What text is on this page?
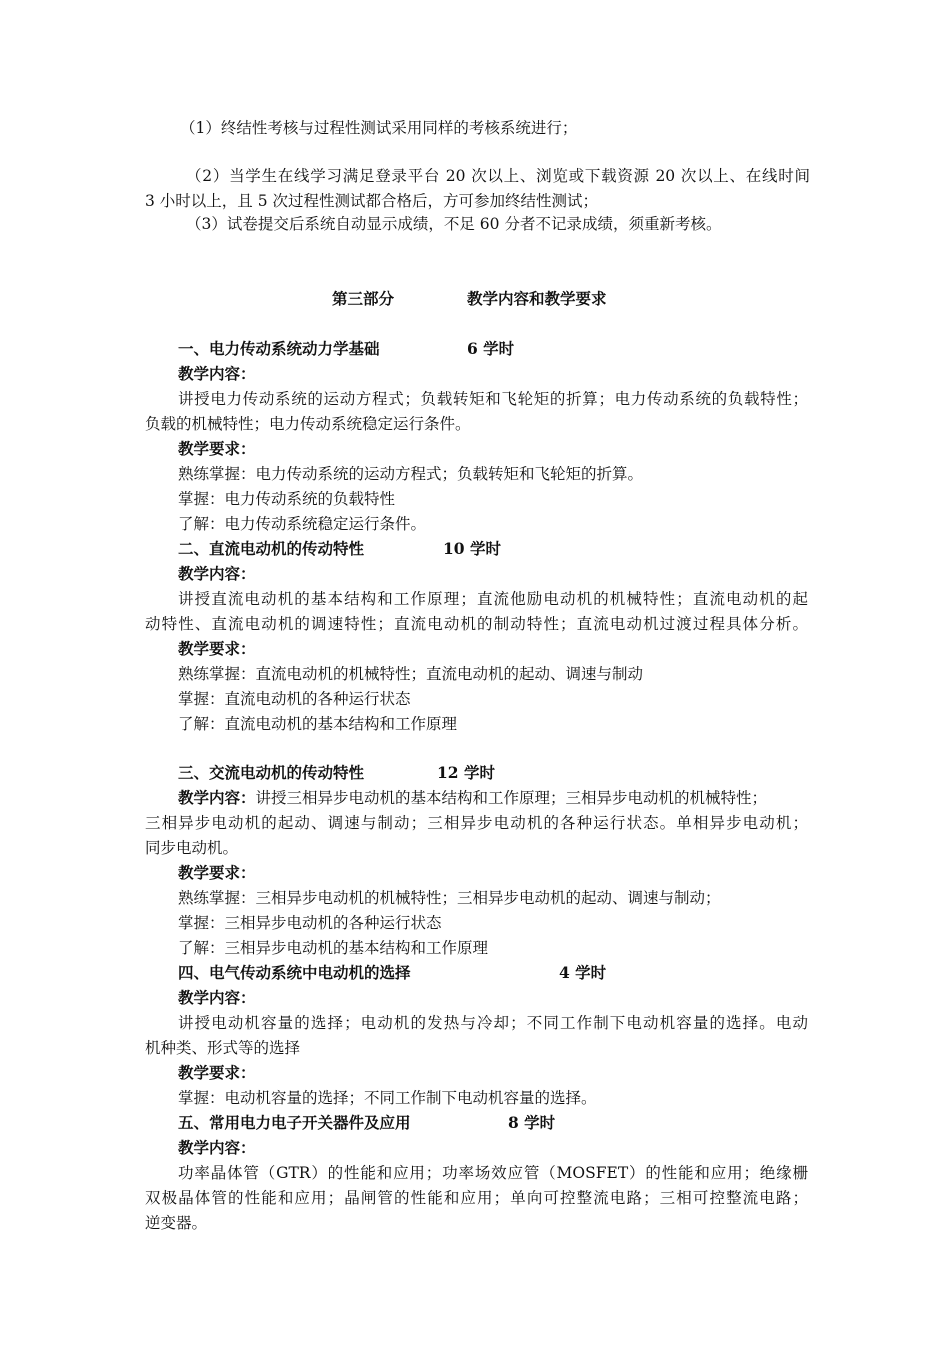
（1）终结性考核与过程性测试采用同样的考核系统进行；
（2）当学生在线学习满足登录平台 20 次以上、浏览或下载资源 20 次以上、在线时间
3 小时以上，且 5 次过程性测试都合格后，方可参加终结性测试；
（3）试卷提交后系统自动显示成绩，不足 60 分者不记录成绩，须重新考核。
第三部分	教学内容和教学要求
一、电力传动系统动力学基础	6 学时
教学内容：
讲授电力传动系统的运动方程式；负载转矩和飞轮矩的折算；电力传动系统的负载特性；
负载的机械特性；电力传动系统稳定运行条件。
教学要求：
熟练掌握：电力传动系统的运动方程式；负载转矩和飞轮矩的折算。
掌握：电力传动系统的负载特性
了解：电力传动系统稳定运行条件。
二、直流电动机的传动特性	10 学时
教学内容：
讲授直流电动机的基本结构和工作原理；直流他励电动机的机械特性；直流电动机的起
动特性、直流电动机的调速特性；直流电动机的制动特性；直流电动机过渡过程具体分析。
教学要求：
熟练掌握：直流电动机的机械特性；直流电动机的起动、调速与制动
掌握：直流电动机的各种运行状态
了解：直流电动机的基本结构和工作原理
三、交流电动机的传动特性	12 学时
教学内容：讲授三相异步电动机的基本结构和工作原理；三相异步电动机的机械特性；
三相异步电动机的起动、调速与制动；三相异步电动机的各种运行状态。单相异步电动机；
同步电动机。
教学要求：
熟练掌握：三相异步电动机的机械特性；三相异步电动机的起动、调速与制动；
掌握：三相异步电动机的各种运行状态
了解：三相异步电动机的基本结构和工作原理
四、电气传动系统中电动机的选择	4 学时
教学内容：
讲授电动机容量的选择；电动机的发热与冷却；不同工作制下电动机容量的选择。电动
机种类、形式等的选择
教学要求：
掌握：电动机容量的选择；不同工作制下电动机容量的选择。
五、常用电力电子开关器件及应用	8 学时
教学内容：
功率晶体管（GTR）的性能和应用；功率场效应管（MOSFET）的性能和应用；绝缘栅
双极晶体管的性能和应用；晶闸管的性能和应用；单向可控整流电路；三相可控整流电路；
逆变器。
